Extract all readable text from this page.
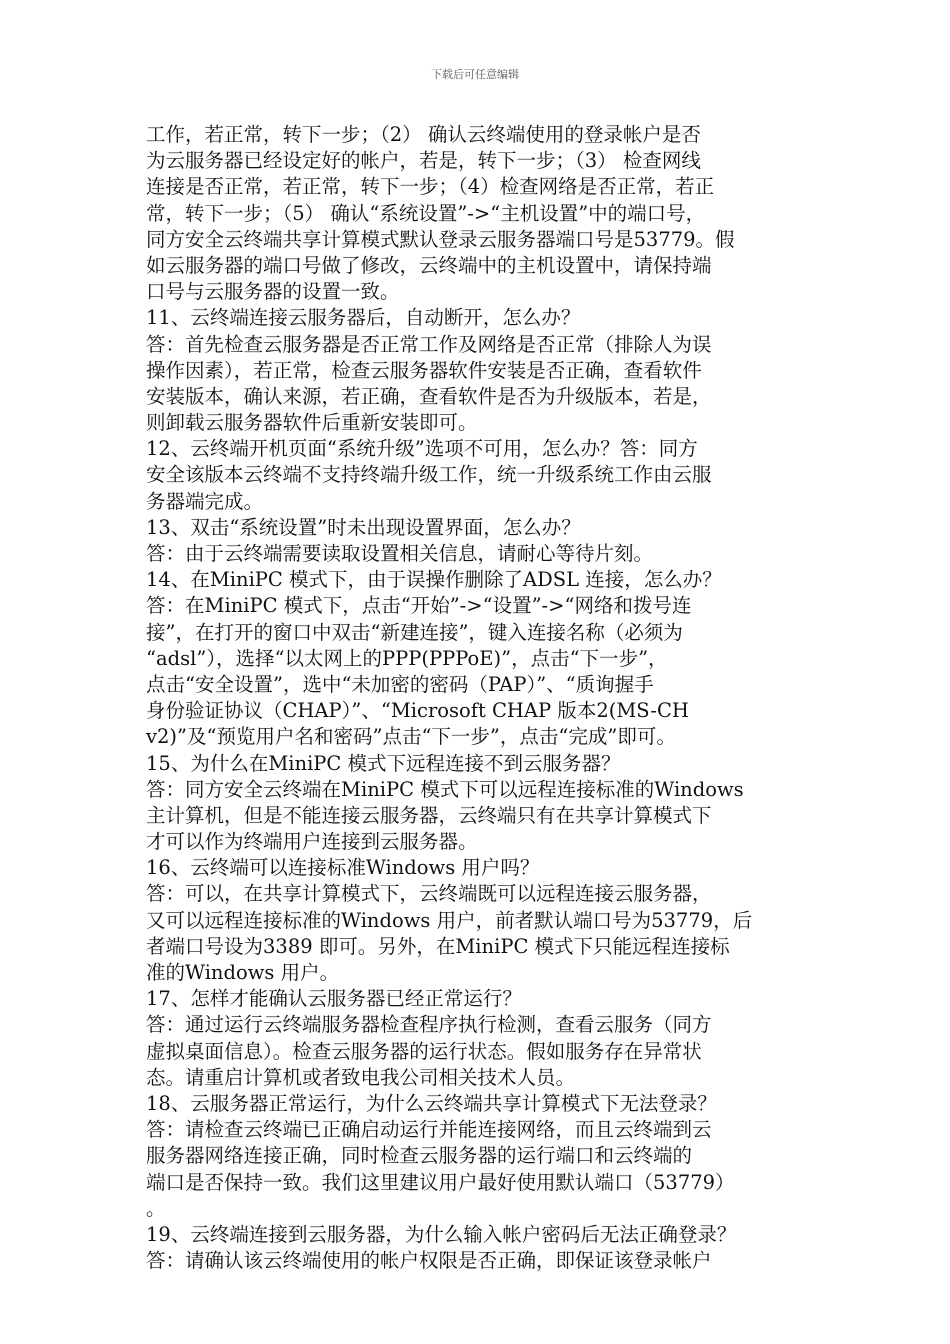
下载后可任意编辑
工作，若正常，转下一步；（2） 确认云终端使用的登录帐户是否
为云服务器已经设定好的帐户，若是，转下一步；（3） 检查网线
连接是否正常，若正常，转下一步；（4）检查网络是否正常，若正
常，转下一步；（5） 确认“系统设置”->“主机设置”中的端口号，
同方安全云终端共享计算模式默认登录云服务器端口号是53779。假
如云服务器的端口号做了修改，云终端中的主机设置中，请保持端
口号与云服务器的设置一致。
11、云终端连接云服务器后，自动断开，怎么办？
答：首先检查云服务器是否正常工作及网络是否正常（排除人为误
操作因素），若正常，检查云服务器软件安装是否正确，查看软件
安装版本，确认来源，若正确，查看软件是否为升级版本，若是，
则卸载云服务器软件后重新安装即可。
12、云终端开机页面“系统升级”选项不可用，怎么办？答：同方
安全该版本云终端不支持终端升级工作，统一升级系统工作由云服
务器端完成。
13、双击“系统设置”时未出现设置界面，怎么办？
答：由于云终端需要读取设置相关信息，请耐心等待片刻。
14、在MiniPC 模式下，由于误操作删除了ADSL 连接，怎么办？
答：在MiniPC 模式下，点击“开始”->“设置”->“网络和拨号连
接”，在打开的窗口中双击“新建连接”，键入连接名称（必须为
“adsl”），选择“以太网上的PPP(PPPoE)”，点击“下一步”，
点击“安全设置”，选中“未加密的密码（PAP）”、“质询握手
身份验证协议（CHAP）”、“Microsoft CHAP 版本2(MS-CH
v2)”及“预览用户名和密码”点击“下一步”，点击“完成”即可。
15、为什么在MiniPC 模式下远程连接不到云服务器？
答：同方安全云终端在MiniPC 模式下可以远程连接标准的Windows
主计算机，但是不能连接云服务器，云终端只有在共享计算模式下
才可以作为终端用户连接到云服务器。
16、云终端可以连接标准Windows 用户吗？
答：可以，在共享计算模式下，云终端既可以远程连接云服务器，
又可以远程连接标准的Windows 用户，前者默认端口号为53779，后
者端口号设为3389 即可。另外，在MiniPC 模式下只能远程连接标
准的Windows 用户。
17、怎样才能确认云服务器已经正常运行？
答：通过运行云终端服务器检查程序执行检测，查看云服务（同方
虚拟桌面信息）。检查云服务器的运行状态。假如服务存在异常状
态。请重启计算机或者致电我公司相关技术人员。
18、云服务器正常运行，为什么云终端共享计算模式下无法登录？
答：请检查云终端已正确启动运行并能连接网络，而且云终端到云
服务器网络连接正确，同时检查云服务器的运行端口和云终端的
端口是否保持一致。我们这里建议用户最好使用默认端口（53779）
。
19、云终端连接到云服务器，为什么输入帐户密码后无法正确登录？
答：请确认该云终端使用的帐户权限是否正确，即保证该登录帐户
